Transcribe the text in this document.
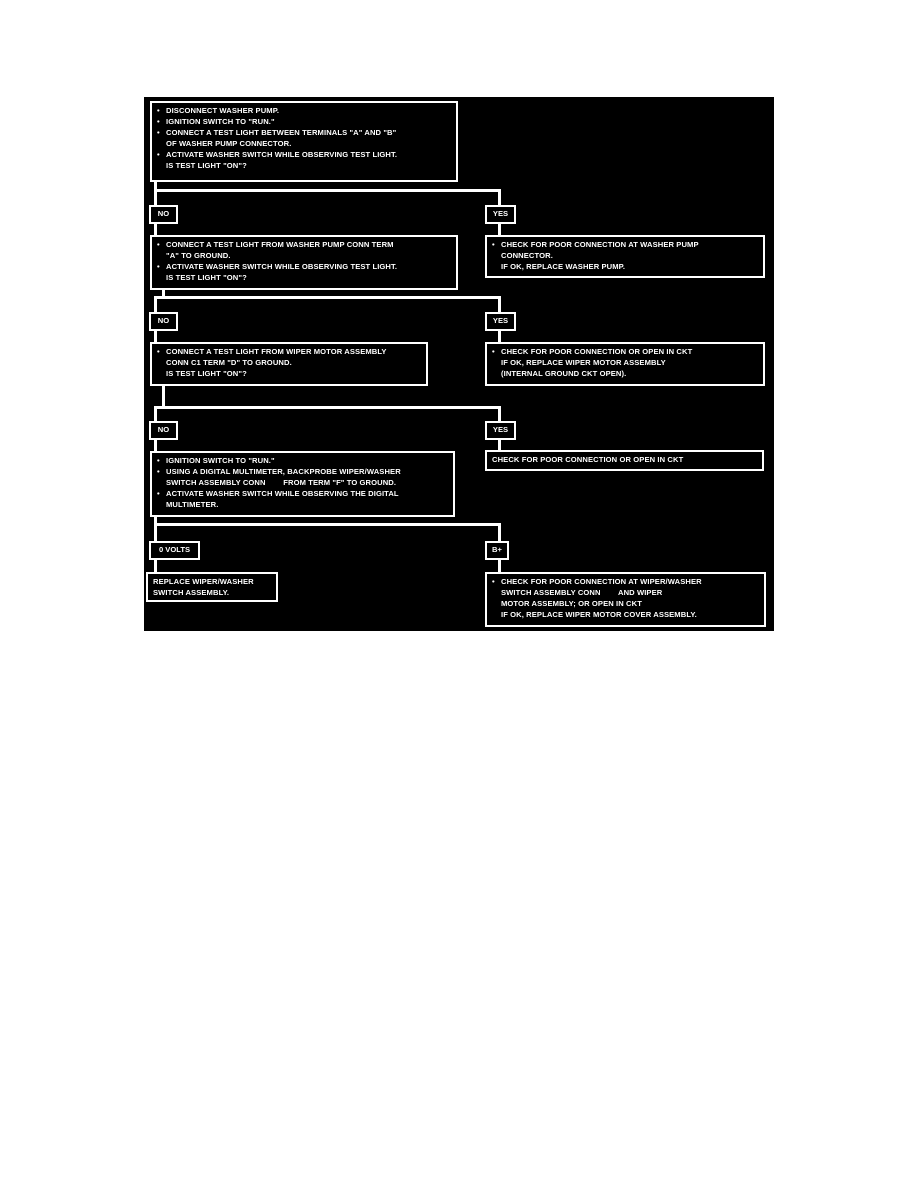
• DISCONNECT WASHER PUMP.
• IGNITION SWITCH TO "RUN."
• CONNECT A TEST LIGHT BETWEEN TERMINALS "A" AND "B"
OF WASHER PUMP CONNECTOR.
• ACTIVATE WASHER SWITCH WHILE OBSERVING TEST LIGHT.
IS TEST LIGHT "ON"?
NO	YES
• CONNECT A TEST LIGHT FROM WASHER PUMP CONN TERM
"A" TO GROUND.
• ACTIVATE WASHER SWITCH WHILE OBSERVING TEST LIGHT.
IS TEST LIGHT "ON"?
• CHECK FOR POOR CONNECTION AT WASHER PUMP
CONNECTOR.
IF OK, REPLACE WASHER PUMP.
NO	YES
• CONNECT A TEST LIGHT FROM WIPER MOTOR ASSEMBLY
CONN C1 TERM "D" TO GROUND.
IS TEST LIGHT "ON"?
• CHECK FOR POOR CONNECTION OR OPEN IN CKT
IF OK, REPLACE WIPER MOTOR ASSEMBLY
(INTERNAL GROUND CKT OPEN).
NO	YES
• IGNITION SWITCH TO "RUN."
• USING A DIGITAL MULTIMETER, BACKPROBE WIPER/WASHER
SWITCH ASSEMBLY CONN        FROM TERM "F" TO GROUND.
• ACTIVATE WASHER SWITCH WHILE OBSERVING THE DIGITAL
MULTIMETER.
CHECK FOR POOR CONNECTION OR OPEN IN CKT
0 VOLTS	B+
REPLACE WIPER/WASHER
SWITCH ASSEMBLY.
• CHECK FOR POOR CONNECTION AT WIPER/WASHER
SWITCH ASSEMBLY CONN        AND WIPER
MOTOR ASSEMBLY; OR OPEN IN CKT
IF OK, REPLACE WIPER MOTOR COVER ASSEMBLY.
